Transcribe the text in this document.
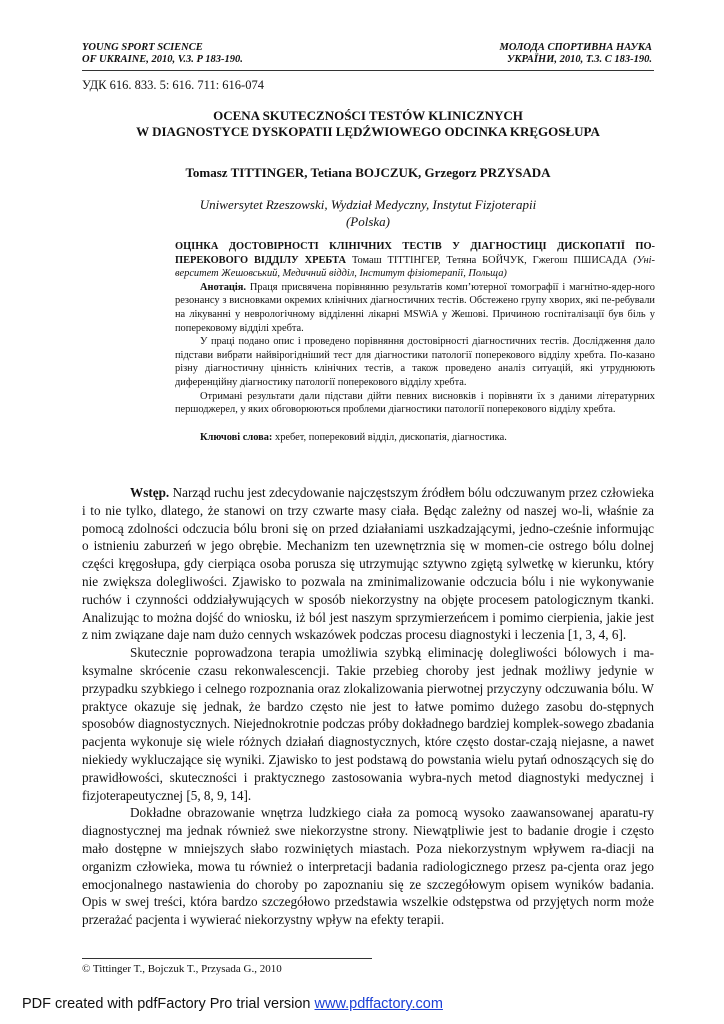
YOUNG SPORT SCIENCE
OF UKRAINE, 2010, V.3. P 183-190.
МОЛОДА СПОРТИВНА НАУКА
УКРАЇНИ, 2010, Т.3. С 183-190.
УДК 616. 833. 5: 616. 711: 616-074
OCENA SKUTECZNOŚCI TESTÓW KLINICZNYCH
W DIAGNOSTYCE DYSKOPATII LĘDŹWIOWEGO ODCINKA KRĘGOSŁUPA
Tomasz TITTINGER, Tetiana BOJCZUK, Grzegorz PRZYSADA
Uniwersytet Rzeszowski, Wydział Medyczny, Instytut Fizjoterapii
(Polska)

ОЦІНКА ДОСТОВІРНОСТІ КЛІНІЧНИХ ТЕСТІВ У ДІАГНОСТИЦІ ДИСКОПАТІЇ ПО- ПЕРЕКОВОГО ВІДДІЛУ ХРЕБТА Томаш ТІТТІНГЕР, Тетяна БОЙЧУК, Гжегош ПШИСАДА (Уні-верситет Жешовський, Медичний відділ, Інститут фізіотерапії, Польща)

Анотація. Праця присвячена порівнянню результатів комп’ютерної томографії і магнітно-ядер-ного резонансу з висновками окремих клінічних діагностичних тестів. Обстежено групу хворих, які пе-ребували на лікуванні у неврологічному відділенні лікарні MSWiA у Жешові. Причиною госпіталізації був біль у поперековому відділі хребта.

У праці подано опис і проведено порівняння достовірності діагностичних тестів. Дослідження дало підстави вибрати найвірогідніший тест для діагностики патології поперекового відділу хребта. По-казано різну діагностичну цінність клінічних тестів, а також проведено аналіз ситуацій, які утруднюють диференційну діагностику патології поперекового відділу хребта.

Отримані результати дали підстави дійти певних висновків і порівняти їх з даними літературних першоджерел, у яких обговорюються проблеми діагностики патології поперекового відділу хребта.

Ключові слова: хребет, поперековий відділ, дископатія, діагностика.

Wstęp. Narząd ruchu jest zdecydowanie najczęstszym źródłem bólu odczuwanym przez człowieka i to nie tylko, dlatego, że stanowi on trzy czwarte masy ciała. Będąc zależny od naszej wo-li, właśnie za pomocą zdolności odczucia bólu broni się on przed działaniami uszkadzającymi, jedno-cześnie informując o istnieniu zaburzeń w jego obrębie. Mechanizm ten uzewnętrznia się w momen-cie ostrego bólu dolnej części kręgosłupa, gdy cierpiąca osoba porusza się utrzymując sztywno zgiętą sylwetkę w kierunku, który nie zwiększa dolegliwości. Zjawisko to pozwala na zminimalizowanie odczucia bólu i nie wykonywanie ruchów i czynności oddziaływujących w sposób niekorzystny na objęte procesem patologicznym tkanki. Analizując to można dojść do wniosku, iż ból jest naszym sprzymierzeńcem i pomimo cierpienia, jakie jest z nim związane daje nam dużo cennych wskazówek podczas procesu diagnostyki i leczenia [1, 3, 4, 6].

Skutecznie poprowadzona terapia umożliwia szybką eliminację dolegliwości bólowych i ma-ksymalne skrócenie czasu rekonwalescencji. Takie przebieg choroby jest jednak możliwy jedynie w przypadku szybkiego i celnego rozpoznania oraz zlokalizowania pierwotnej przyczyny odczuwania bólu. W praktyce okazuje się jednak, że bardzo często nie jest to łatwe pomimo dużego zasobu do-stępnych sposobów diagnostycznych. Niejednokrotnie podczas próby dokładnego bardziej komplek-sowego zbadania pacjenta wykonuje się wiele różnych działań diagnostycznych, które często dostar-czają niejasne, a nawet niekiedy wykluczające się wyniki. Zjawisko to jest podstawą do powstania wielu pytań odnoszących się do prawidłowości, skuteczności i praktycznego zastosowania wybra-nych metod diagnostyki medycznej i fizjoterapeutycznej [5, 8, 9, 14].

Dokładne obrazowanie wnętrza ludzkiego ciała za pomocą wysoko zaawansowanej aparatu-ry diagnostycznej ma jednak również swe niekorzystne strony. Niewątpliwie jest to badanie drogie i często mało dostępne w mniejszych słabo rozwiniętych miastach. Poza niekorzystnym wpływem ra-diacji na organizm człowieka, mowa tu również o interpretacji badania radiologicznego przesz pa-cjenta oraz jego emocjonalnego nastawienia do choroby po zapoznaniu się ze szczegółowym opisem wyników badania. Opis w swej treści, która bardzo szczegółowo przedstawia wszelkie odstępstwa od przyjętych norm może przerażać pacjenta i wywierać niekorzystny wpływ na efekty terapii.

© Tittinger T., Bojczuk T., Przysada G., 2010
PDF created with pdfFactory Pro trial version www.pdffactory.com
